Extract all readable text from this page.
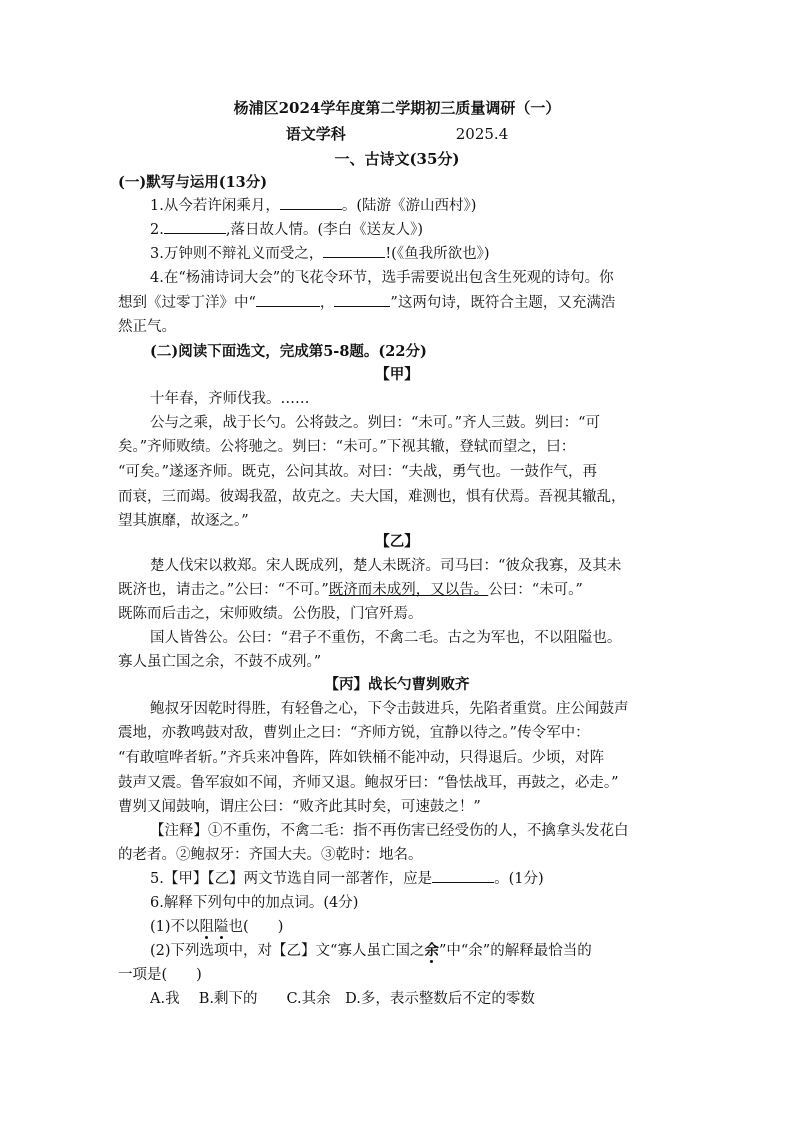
杨浦区2024学年度第二学期初三质量调研（一）
语文学科	2025.4
一、古诗文(35分)
(一)默写与运用(13分)
1.从今若许闲乘月，	。(陆游《游山西村》)
2.	,落日故人情。(李白《送友人》)
3.万钟则不辩礼义而受之，	!(《鱼我所欲也》)
4.在“杨浦诗词大会”的飞花令环节，选手需要说出包含生死观的诗句。你
想到《过零丁洋》中“	，	”这两句诗，既符合主题，又充满浩
然正气。
(二)阅读下面选文，完成第5-8题。(22分)
【甲】
十年春，齐师伐我。……
公与之乘，战于长勺。公将鼓之。刿曰：“未可。”齐人三鼓。刿曰：“可
矣。”齐师败绩。公将驰之。刿曰：“未可。”下视其辙，登轼而望之，曰：
“可矣。”遂逐齐师。既克，公问其故。对曰：“夫战，勇气也。一鼓作气，再
而衰，三而竭。彼竭我盈，故克之。夫大国，难测也，惧有伏焉。吾视其辙乱，
望其旗靡，故逐之。”
【乙】
楚人伐宋以救郑。宋人既成列，楚人未既济。司马曰：“彼众我寡，及其未
既济也，请击之。”公曰：“不可。”既济而未成列，又以告。公曰：“未可。”
既陈而后击之，宋师败绩。公伤股，门官歼焉。
国人皆咎公。公曰：“君子不重伤，不禽二毛。古之为军也，不以阻隘也。
寡人虽亡国之余，不鼓不成列。”
【丙】战长勺曹刿败齐
鲍叔牙因乾时得胜，有轻鲁之心，下令击鼓进兵，先陷者重赏。庄公闻鼓声
震地，亦教鸣鼓对敌，曹刿止之曰：“齐师方锐，宜静以待之。”传令军中：
“有敢喧哗者斩。”齐兵来冲鲁阵，阵如铁桶不能冲动，只得退后。少顷，对阵
鼓声又震。鲁军寂如不闻，齐师又退。鲍叔牙曰：“鲁怯战耳，再鼓之，必走。”
曹刿又闻鼓响，谓庄公曰：“败齐此其时矣，可速鼓之！”
【注释】①不重伤，不禽二毛：指不再伤害已经受伤的人，不擒拿头发花白
的老者。②鲍叔牙：齐国大夫。③乾时：地名。
5.【甲】【乙】两文节选自同一部著作，应是	。(1分)
6.解释下列句中的加点词。(4分)
(1)不以阻隘也(　　)
(2)下列选项中，对【乙】文“寡人虽亡国之余”中“余”的解释最恰当的
一项是(　　)
A.我　 B.剩下的　　C.其余　D.多，表示整数后不定的零数
